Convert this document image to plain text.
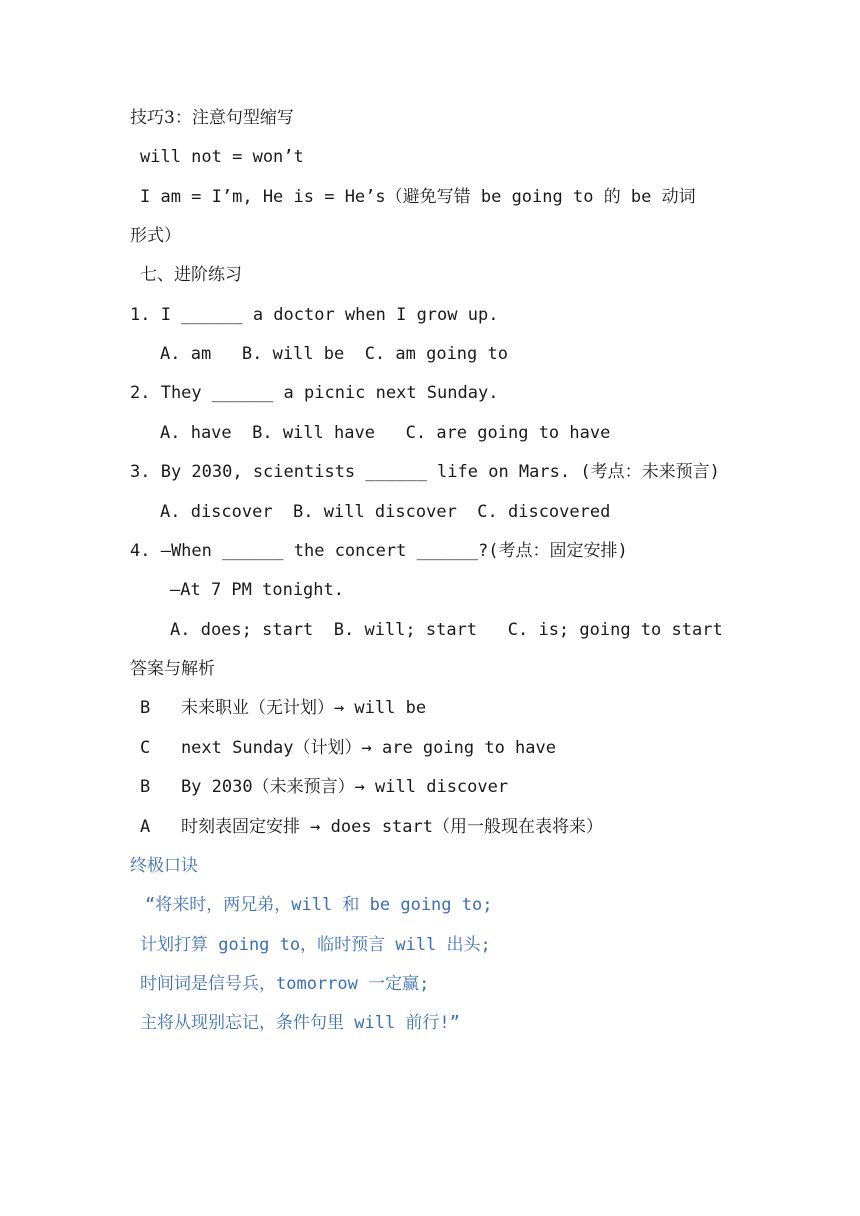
技巧3：注意句型缩写
will not = won’t
I am = I’m, He is = He’s（避免写错 be going to 的 be 动词
形式）
七、进阶练习
1. I ______ a doctor when I grow up.
A. am   B. will be  C. am going to
2. They ______ a picnic next Sunday.
A. have  B. will have   C. are going to have
3. By 2030, scientists ______ life on Mars. (考点：未来预言)
A. discover  B. will discover  C. discovered
4. —When ______ the concert ______?(考点：固定安排)
—At 7 PM tonight.
A. does; start  B. will; start   C. is; going to start
答案与解析
B   未来职业（无计划）→ will be
C   next Sunday（计划）→ are going to have
B   By 2030（未来预言）→ will discover
A   时刻表固定安排 → does start（用一般现在表将来）
终极口诀
“将来时，两兄弟，will 和 be going to;
计划打算 going to，临时预言 will 出头;
时间词是信号兵，tomorrow 一定赢;
主将从现别忘记，条件句里 will 前行!”
